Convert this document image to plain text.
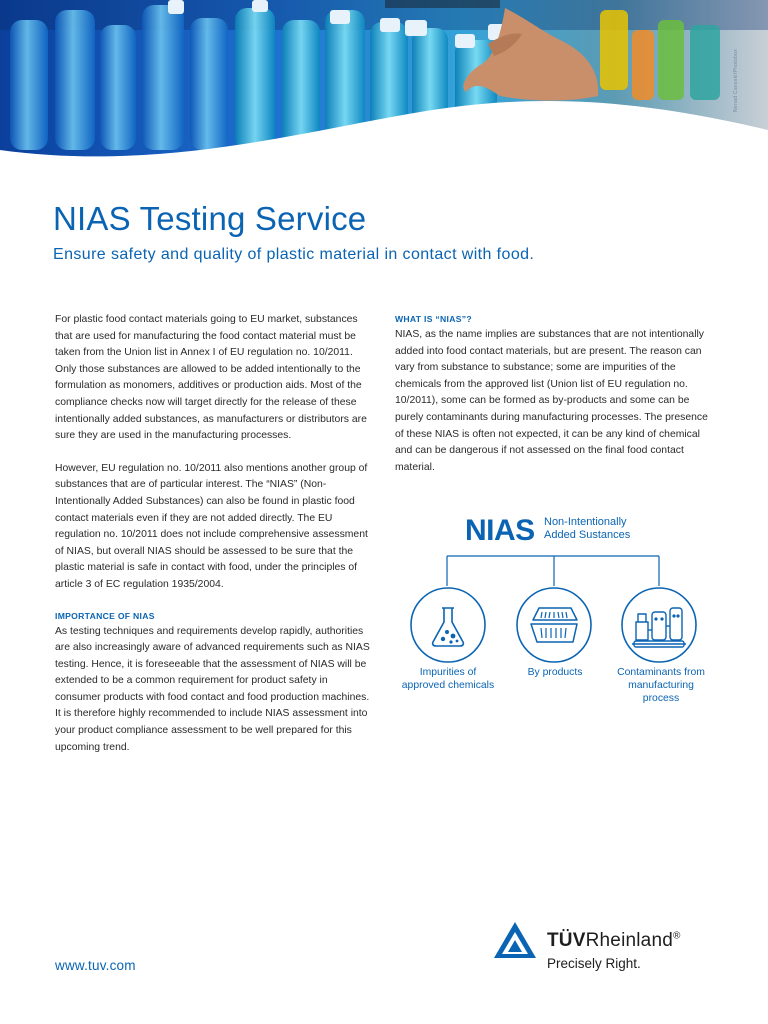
Nenad Cavoski/Photobox
NIAS Testing Service
Ensure safety and quality of plastic material in contact with food.

For plastic food contact materials going to EU market, substances that are used for manufacturing the food contact material must be taken from the Union list in Annex I of EU regulation no. 10/2011. Only those substances are allowed to be added intentionally to the formulation as monomers, additives or production aids. Most of the compliance checks now will target directly for the release of these intentionally added substances, as manufacturers or distributors are sure they are used in the manufacturing processes.

However, EU regulation no. 10/2011 also mentions another group of substances that are of particular interest. The “NIAS” (Non-Intentionally Added Substances) can also be found in plastic food contact materials even if they are not added directly. The EU regulation no. 10/2011 does not include comprehensive assessment of NIAS, but overall NIAS should be assessed to be sure that the plastic material is safe in contact with food, under the principles of article 3 of EC regulation 1935/2004.

IMPORTANCE OF NIAS

As testing techniques and requirements develop rapidly, authorities are also increasingly aware of advanced requirements such as NIAS testing. Hence, it is foreseeable that the assessment of NIAS will be extended to be a common requirement for product safety in consumer products with food contact and food production machines. It is therefore highly recommended to include NIAS assessment into your product compliance assessment to be well prepared for this upcoming trend.

WHAT IS “NIAS”?

NIAS, as the name implies are substances that are not intentionally added into food contact materials, but are present. The reason can vary from substance to substance; some are impurities of the chemicals from the approved list (Union list of EU regulation no. 10/2011), some can be formed as by-products and some can be purely contaminants during manufacturing processes. The presence of these NIAS is often not expected, it can be any kind of chemical and can be dangerous if not assessed on the final food contact material.

NIAS Non-Intentionally
Added Sustances
Impurities of
approved chemicals
By products	Contaminants from
manufacturing
process
www.tuv.com
TÜVRheinland®
Precisely Right.
